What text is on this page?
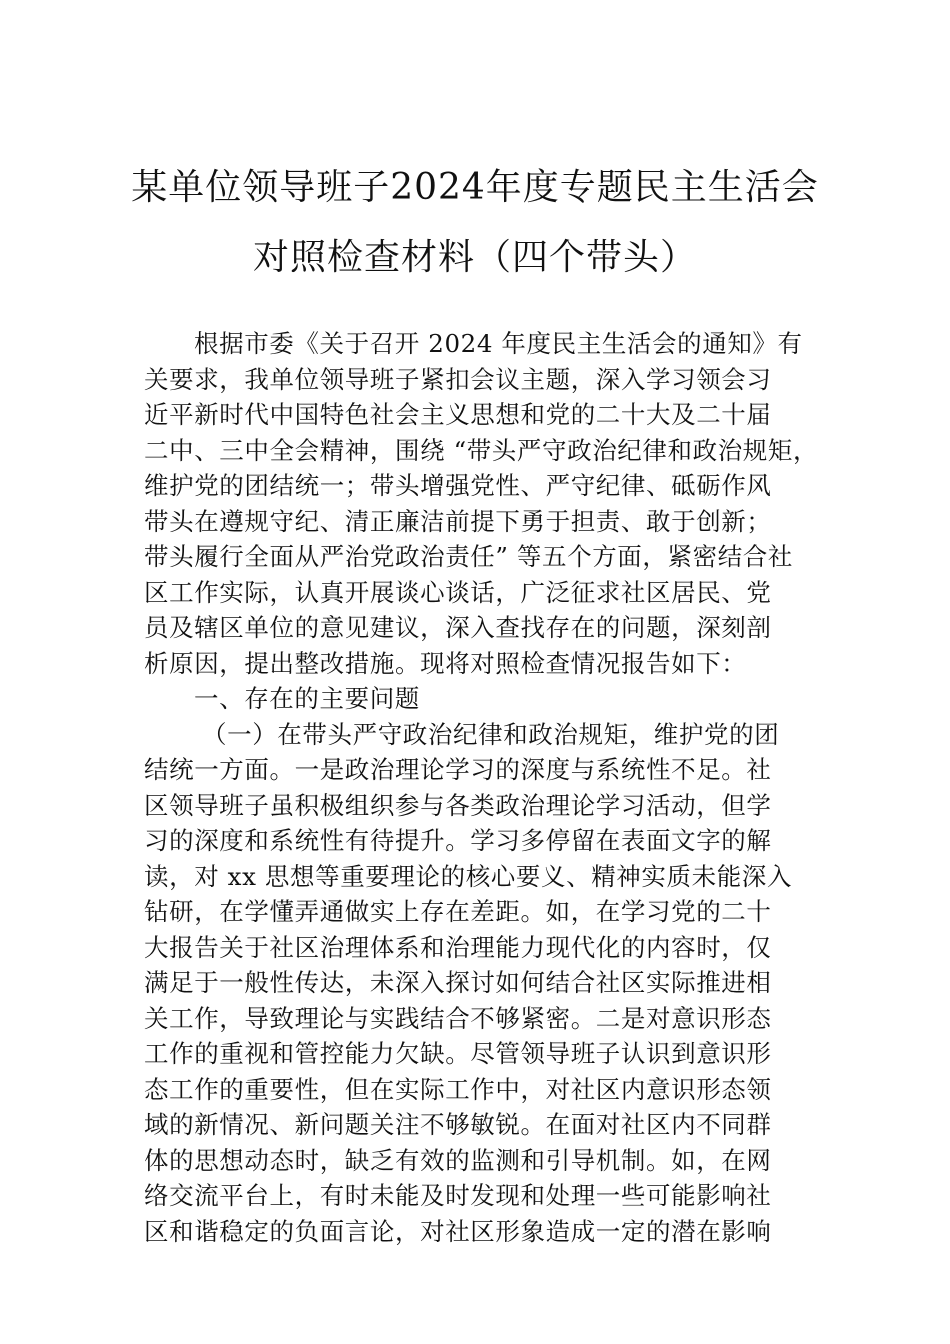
某单位领导班子2024年度专题民主生活会
对照检查材料（四个带头）
根据市委《关于召开 2024 年度民主生活会的通知》有
关要求，我单位领导班子紧扣会议主题，深入学习领会习
近平新时代中国特色社会主义思想和党的二十大及二十届
二中、三中全会精神，围绕 “带头严守政治纪律和政治规矩，
维护党的团结统一；带头增强党性、严守纪律、砥砺作风
带头在遵规守纪、清正廉洁前提下勇于担责、敢于创新；
带头履行全面从严治党政治责任” 等五个方面，紧密结合社
区工作实际，认真开展谈心谈话，广泛征求社区居民、党
员及辖区单位的意见建议，深入查找存在的问题，深刻剖
析原因，提出整改措施。现将对照检查情况报告如下：
一、存在的主要问题
（一）在带头严守政治纪律和政治规矩，维护党的团
结统一方面。一是政治理论学习的深度与系统性不足。社
区领导班子虽积极组织参与各类政治理论学习活动，但学
习的深度和系统性有待提升。学习多停留在表面文字的解
读，对 xx 思想等重要理论的核心要义、精神实质未能深入
钻研，在学懂弄通做实上存在差距。如，在学习党的二十
大报告关于社区治理体系和治理能力现代化的内容时，仅
满足于一般性传达，未深入探讨如何结合社区实际推进相
关工作，导致理论与实践结合不够紧密。二是对意识形态
工作的重视和管控能力欠缺。尽管领导班子认识到意识形
态工作的重要性，但在实际工作中，对社区内意识形态领
域的新情况、新问题关注不够敏锐。在面对社区内不同群
体的思想动态时，缺乏有效的监测和引导机制。如，在网
络交流平台上，有时未能及时发现和处理一些可能影响社
区和谐稳定的负面言论，对社区形象造成一定的潜在影响
